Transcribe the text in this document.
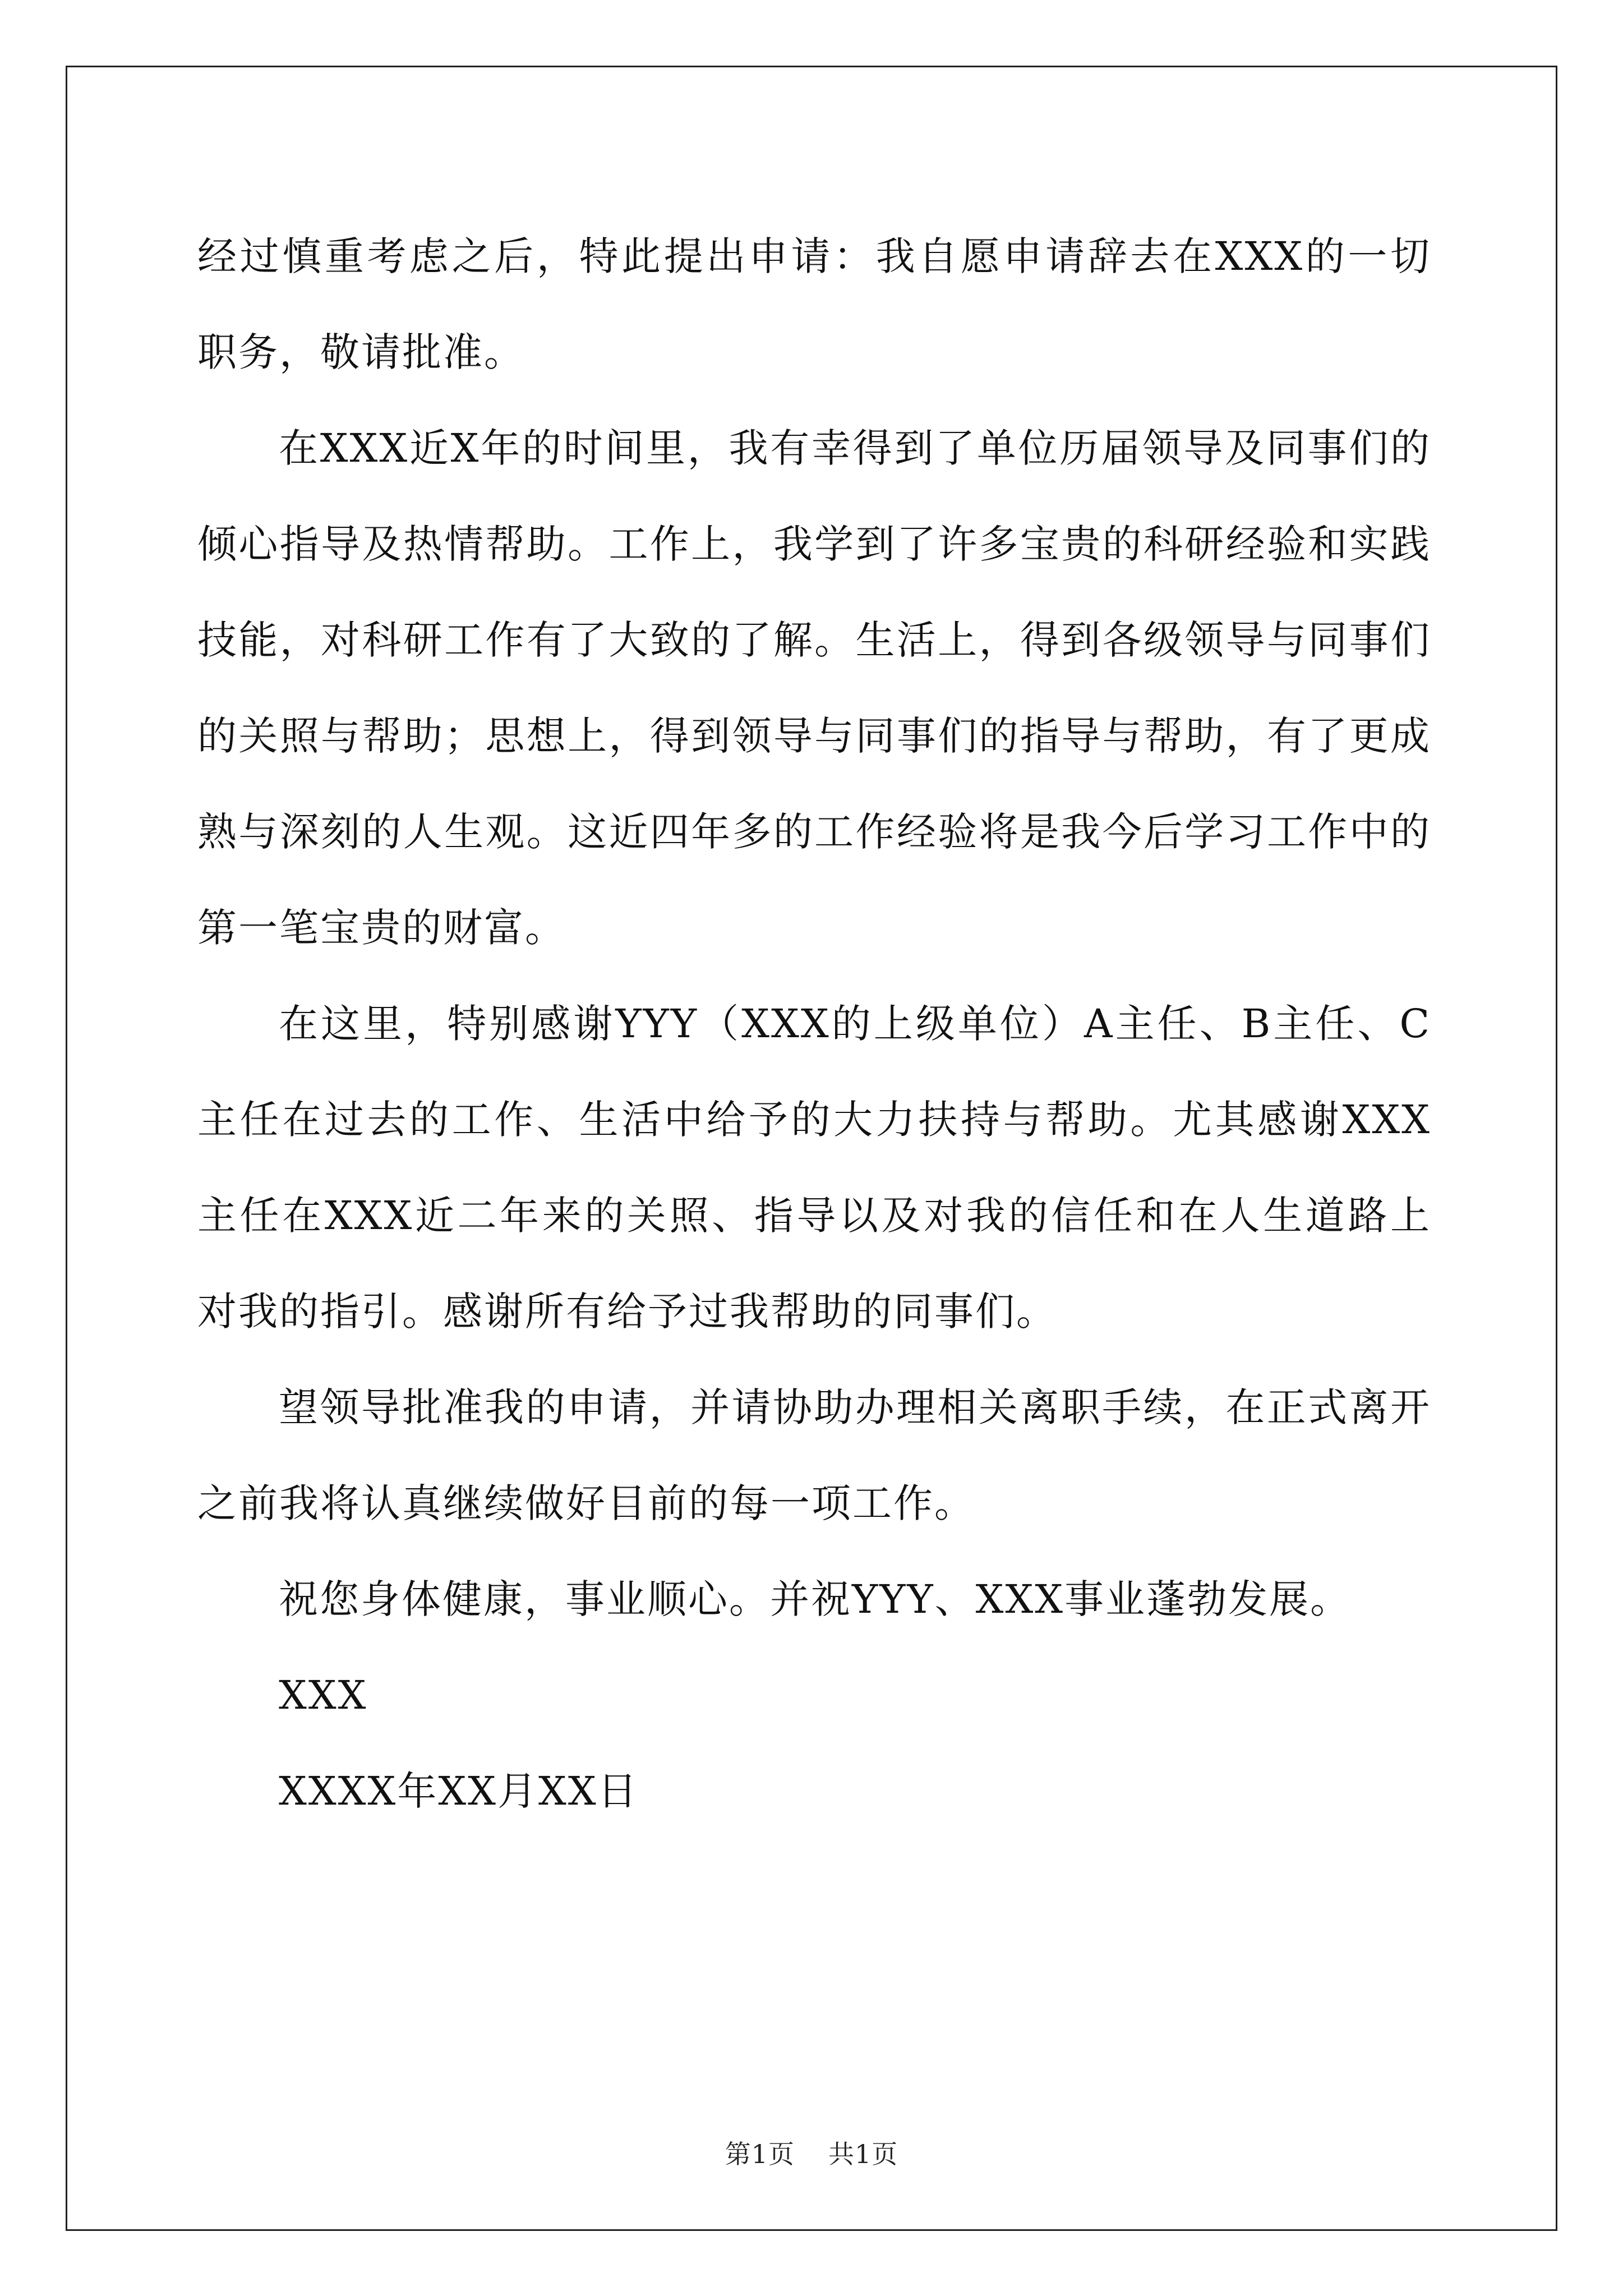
经过慎重考虑之后，特此提出申请：我自愿申请辞去在XXX的一切职务，敬请批准。

在XXX近X年的时间里，我有幸得到了单位历届领导及同事们的倾心指导及热情帮助。工作上，我学到了许多宝贵的科研经验和实践技能，对科研工作有了大致的了解。生活上，得到各级领导与同事们的关照与帮助；思想上，得到领导与同事们的指导与帮助，有了更成熟与深刻的人生观。这近四年多的工作经验将是我今后学习工作中的第一笔宝贵的财富。

在这里，特别感谢YYY（XXX的上级单位）A主任、B主任、C主任在过去的工作、生活中给予的大力扶持与帮助。尤其感谢XXX主任在XXX近二年来的关照、指导以及对我的信任和在人生道路上对我的指引。感谢所有给予过我帮助的同事们。

望领导批准我的申请，并请协助办理相关离职手续，在正式离开之前我将认真继续做好目前的每一项工作。

祝您身体健康，事业顺心。并祝YYY、XXX事业蓬勃发展。

XXX

XXXX年XX月XX日

第1页 共1页
